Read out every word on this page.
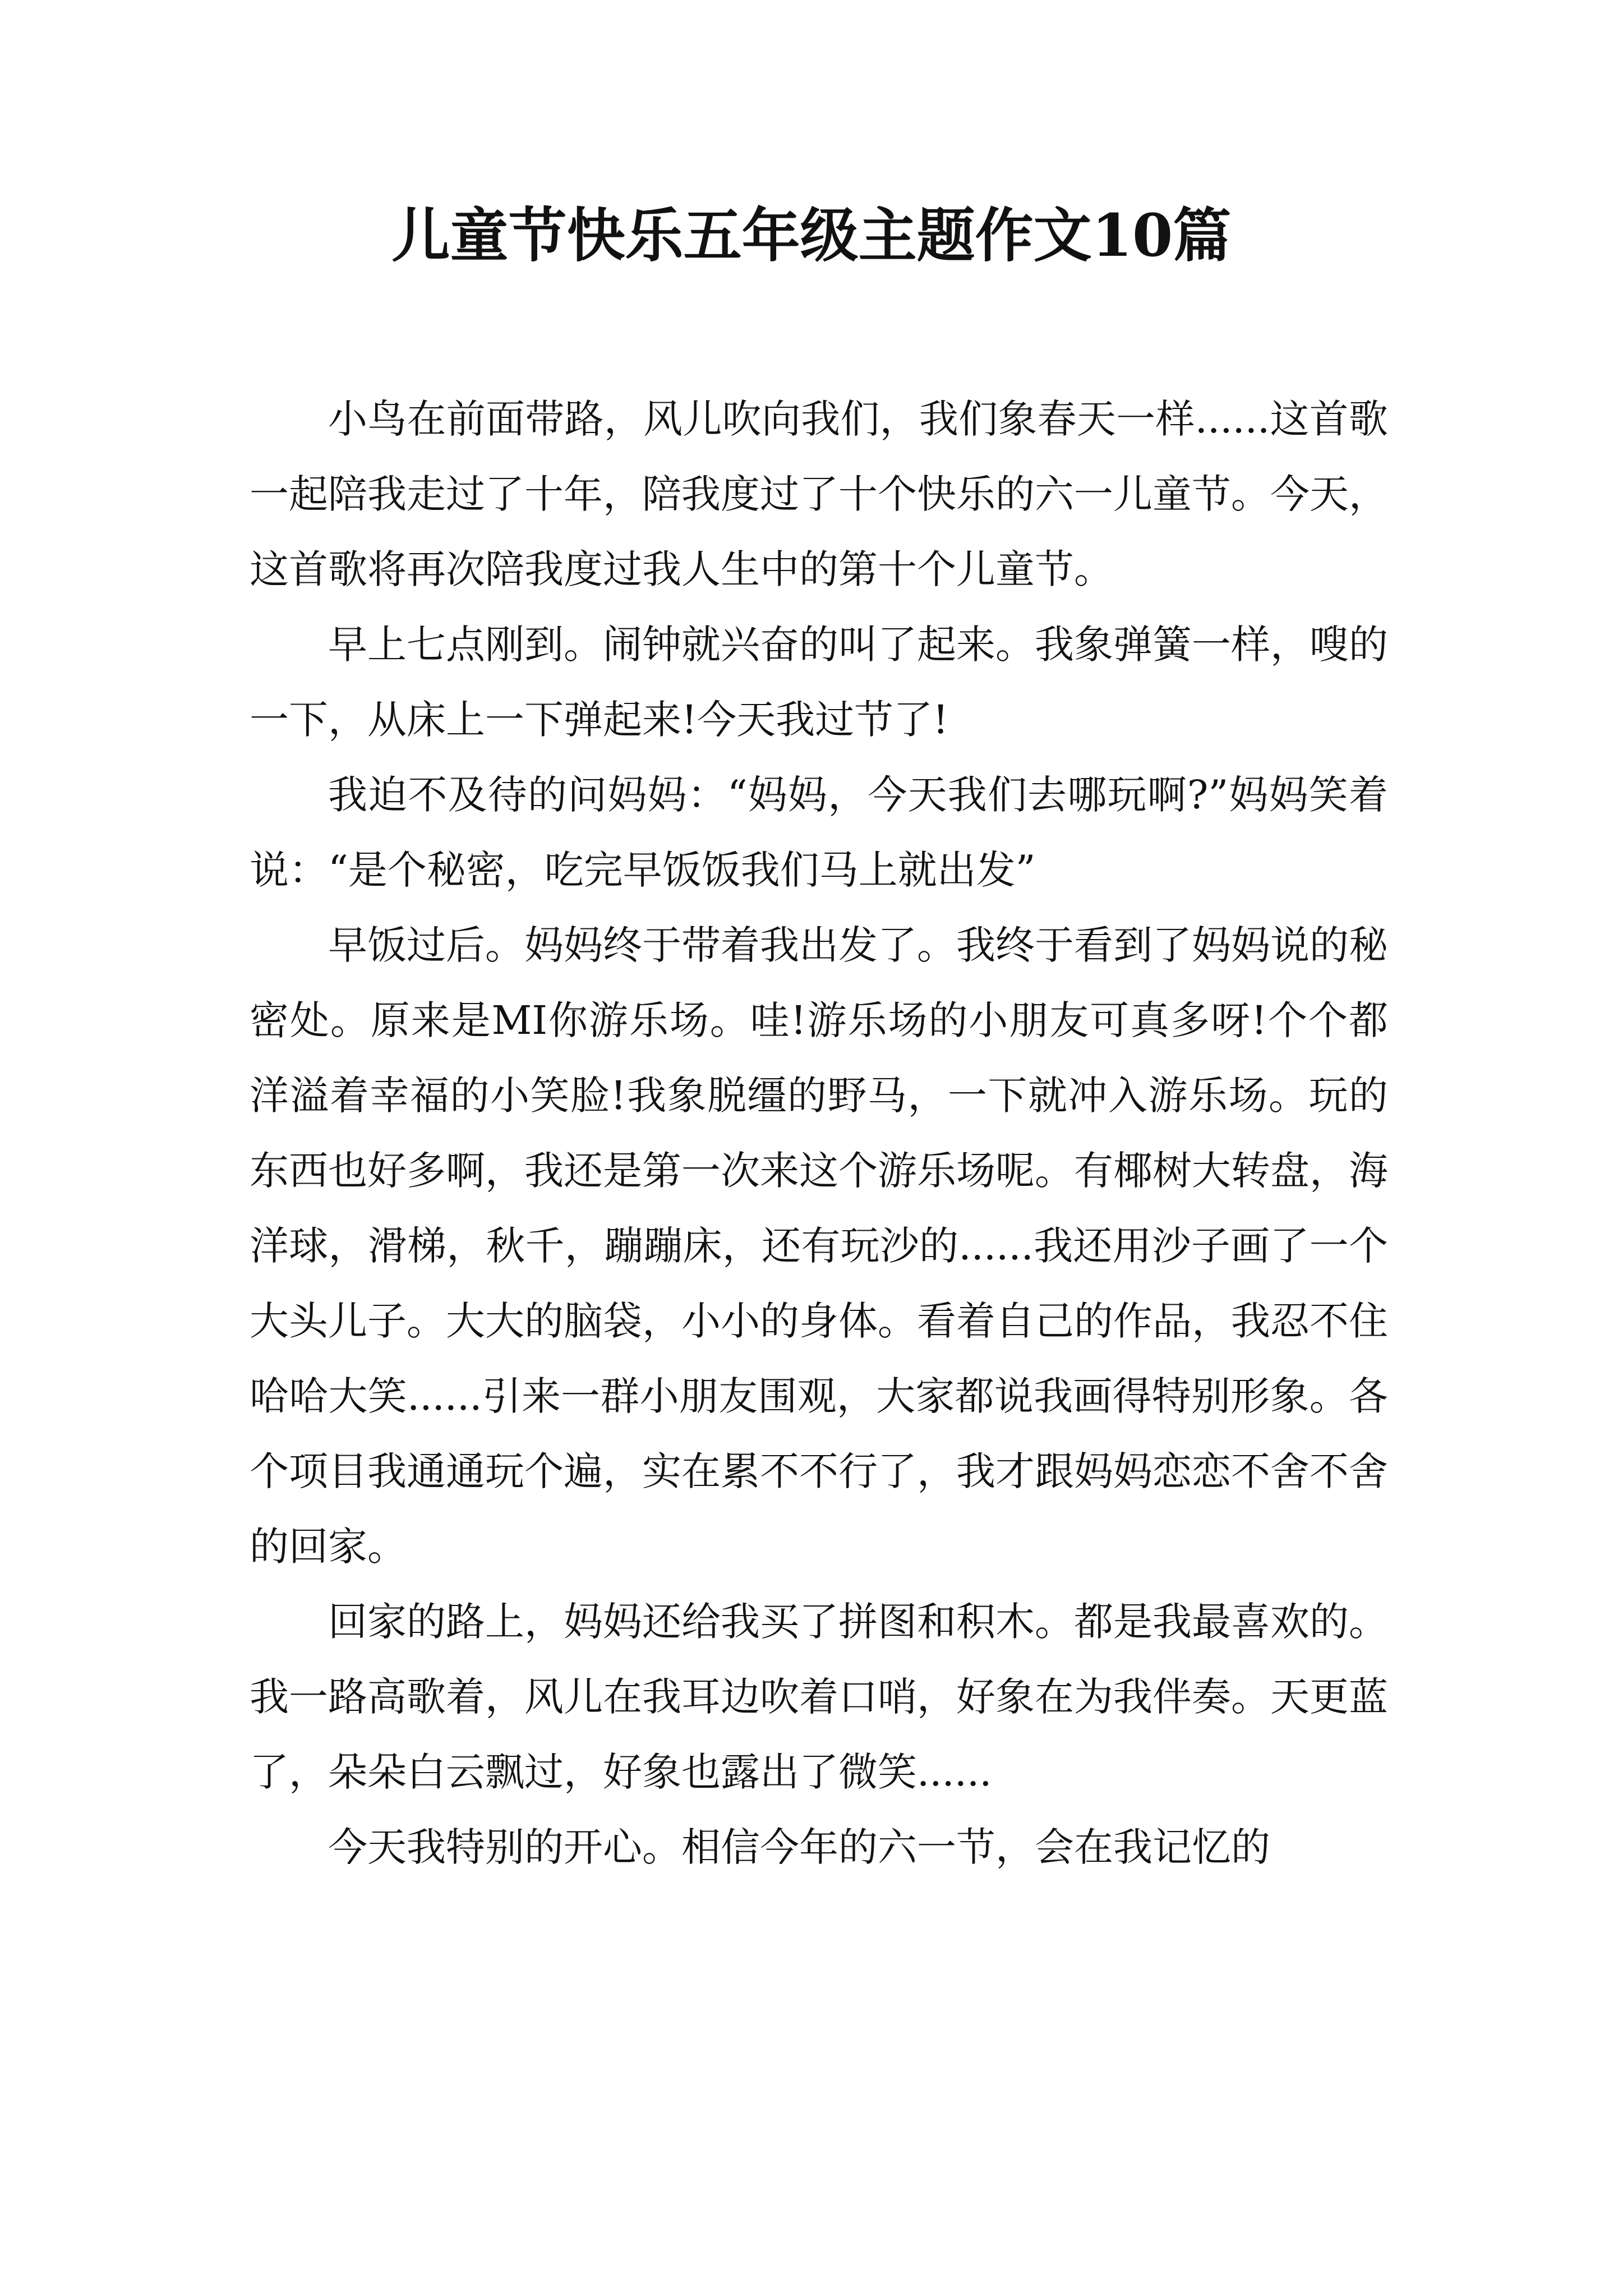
儿童节快乐五年级主题作文10篇

小鸟在前面带路，风儿吹向我们，我们象春天一样......这首歌一起陪我走过了十年，陪我度过了十个快乐的六一儿童节。今天，这首歌将再次陪我度过我人生中的第十个儿童节。

早上七点刚到。闹钟就兴奋的叫了起来。我象弹簧一样，嗖的一下，从床上一下弹起来!今天我过节了!

我迫不及待的问妈妈：“妈妈，今天我们去哪玩啊?”妈妈笑着说：“是个秘密，吃完早饭饭我们马上就出发”

早饭过后。妈妈终于带着我出发了。我终于看到了妈妈说的秘密处。原来是MI你游乐场。哇!游乐场的小朋友可真多呀!个个都洋溢着幸福的小笑脸!我象脱缰的野马，一下就冲入游乐场。玩的东西也好多啊，我还是第一次来这个游乐场呢。有椰树大转盘，海洋球，滑梯，秋千，蹦蹦床，还有玩沙的......我还用沙子画了一个大头儿子。大大的脑袋，小小的身体。看着自己的作品，我忍不住哈哈大笑......引来一群小朋友围观，大家都说我画得特别形象。各个项目我通通玩个遍，实在累不不行了，我才跟妈妈恋恋不舍不舍的回家。

回家的路上，妈妈还给我买了拼图和积木。都是我最喜欢的。我一路高歌着，风儿在我耳边吹着口哨，好象在为我伴奏。天更蓝了，朵朵白云飘过，好象也露出了微笑......

今天我特别的开心。相信今年的六一节，会在我记忆的
